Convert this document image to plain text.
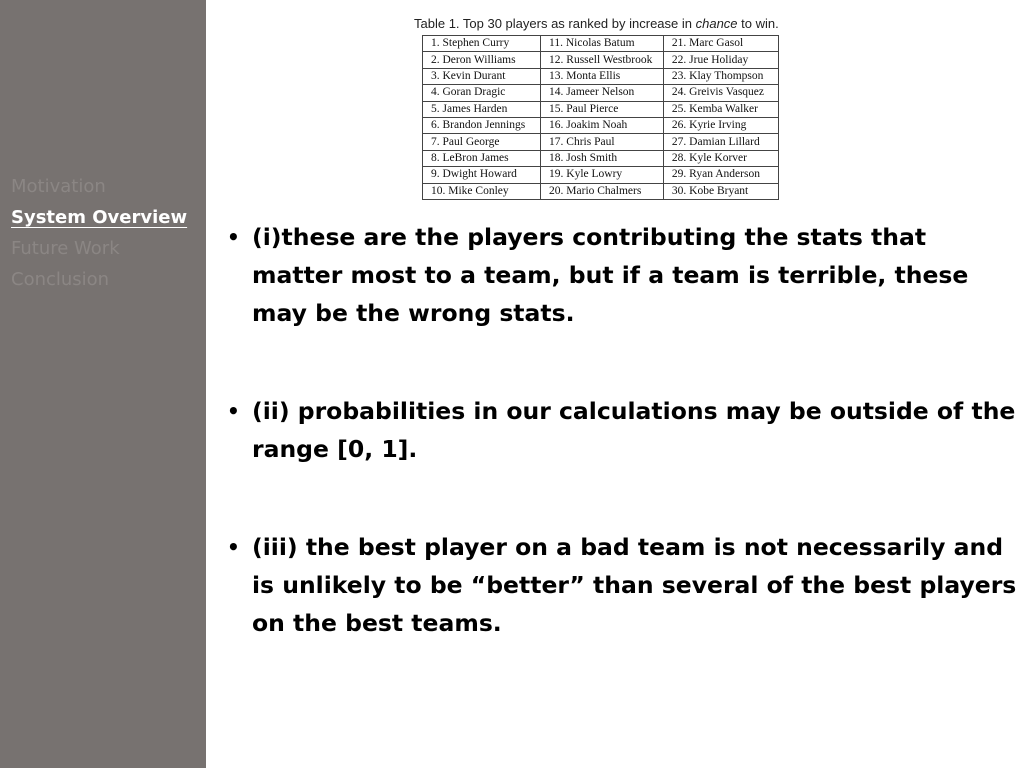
Motivation
System Overview
Future Work
Conclusion
Table 1. Top 30 players as ranked by increase in chance to win.
1. Stephen Curry	11. Nicolas Batum	21. Marc Gasol
2. Deron Williams	12. Russell Westbrook	22. Jrue Holiday
3. Kevin Durant	13. Monta Ellis	23. Klay Thompson
4. Goran Dragic	14. Jameer Nelson	24. Greivis Vasquez
5. James Harden	15. Paul Pierce	25. Kemba Walker
6. Brandon Jennings	16. Joakim Noah	26. Kyrie Irving
7. Paul George	17. Chris Paul	27. Damian Lillard
8. LeBron James	18. Josh Smith	28. Kyle Korver
9. Dwight Howard	19. Kyle Lowry	29. Ryan Anderson
10. Mike Conley	20. Mario Chalmers	30. Kobe Bryant
• (i)these are the players contributing the stats that matter most to a team, but if a team is terrible, these may be the wrong stats.
• (ii) probabilities in our calculations may be outside of the range [0, 1].
• (iii) the best player on a bad team is not necessarily and is unlikely to be “better” than several of the best players on the best teams.
